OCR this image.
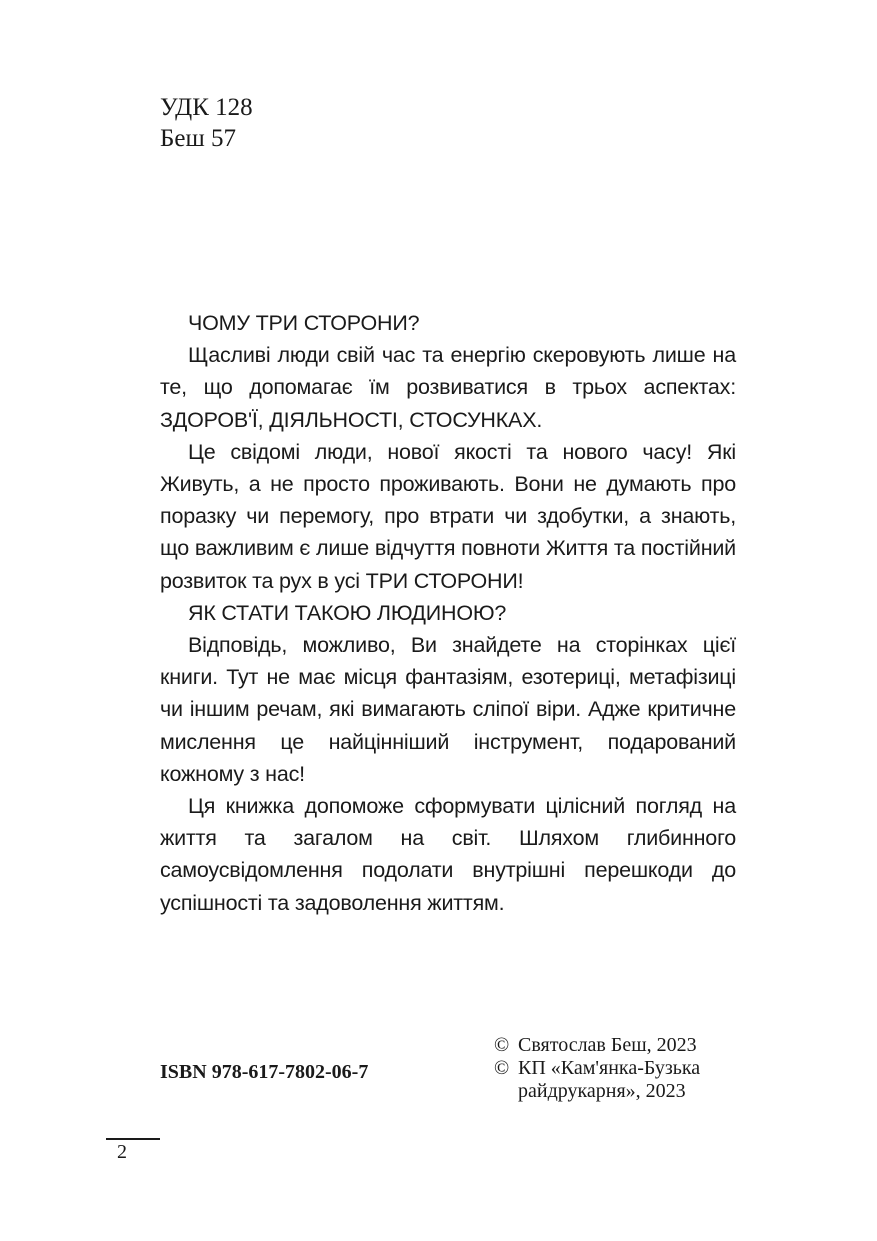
УДК 128
Беш 57

ЧОМУ ТРИ СТОРОНИ?

Щасливі люди свій час та енергію скеровують лише на те, що допомагає їм розвиватися в трьох аспектах: ЗДОРОВ'Ї, ДІЯЛЬНОСТІ, СТОСУНКАХ.

Це свідомі люди, нової якості та нового часу! Які Живуть, а не просто проживають. Вони не думають про поразку чи перемогу, про втрати чи здобутки, а знають, що важливим є лише відчуття повноти Життя та постійний розвиток та рух в усі ТРИ СТОРОНИ!

ЯК СТАТИ ТАКОЮ ЛЮДИНОЮ?

Відповідь, можливо, Ви знайдете на сторінках цієї книги. Тут не має місця фантазіям, езотериці, метафізиці чи іншим речам, які вимагають сліпої віри. Адже критичне мислення це найцінніший інструмент, подарований кожному з нас!

Ця книжка допоможе сформувати цілісний погляд на життя та загалом на світ. Шляхом глибинного самоусвідомлення подолати внутрішні перешкоди до успішності та задоволення життям.

ISBN 978-617-7802-06-7
© Святослав Беш, 2023
© КП «Кам'янка-Бузька
райдрукарня», 2023
2
